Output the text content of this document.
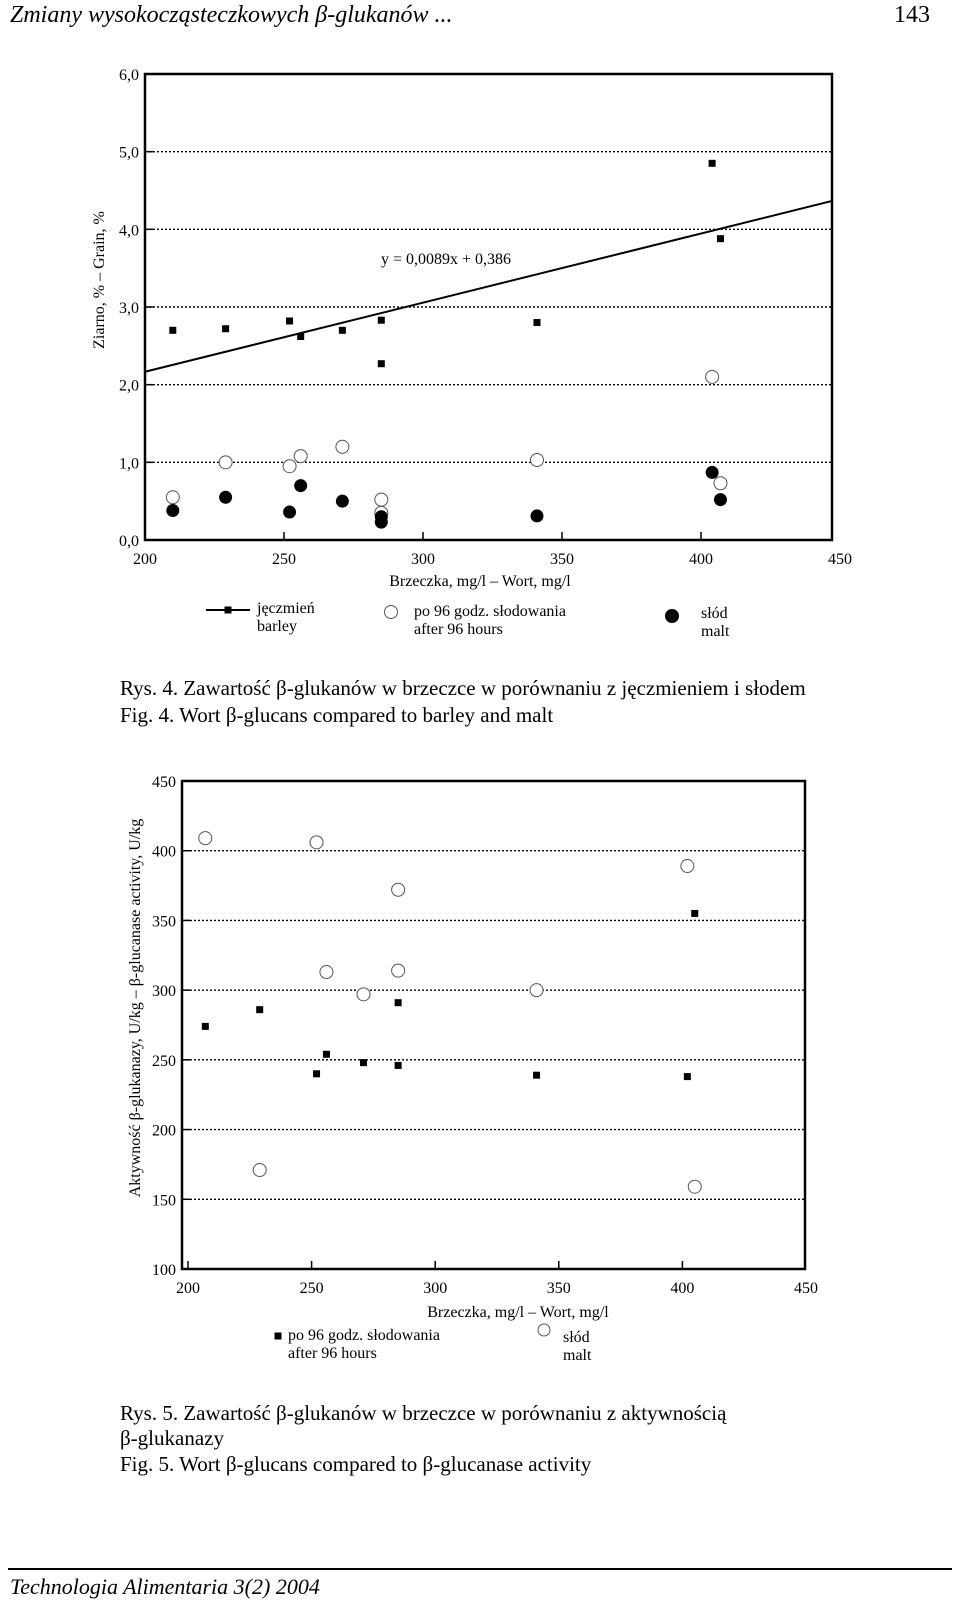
Zmiany wysokocząsteczkowych β-glukanów ...	143
0,0
1,0
2,0
3,0
4,0
5,0
6,0
200	250	300	350	400	450
Brzeczka, mg/l – Wort, mg/l
Ziarno, % – Grain, %	y = 0,0089x + 0,386
jęczmień
barley
po 96 godz. słodowania
after 96 hours
słód
malt
Rys. 4. Zawartość β-glukanów w brzeczce w porównaniu z jęczmieniem i słodem
Fig. 4. Wort β-glucans compared to barley and malt
100
150
200
250
300
350
400
450
200	250	300	350	400	450
Brzeczka, mg/l – Wort, mg/l
Aktywność β-glukanazy, U/kg – β-glucanase activity, U/kg
po 96 godz. słodowania
after 96 hours
słód
malt
Rys. 5. Zawartość β-glukanów w brzeczce w porównaniu z aktywnością
β-glukanazy
Fig. 5. Wort β-glucans compared to β-glucanase activity
Technologia Alimentaria 3(2) 2004
